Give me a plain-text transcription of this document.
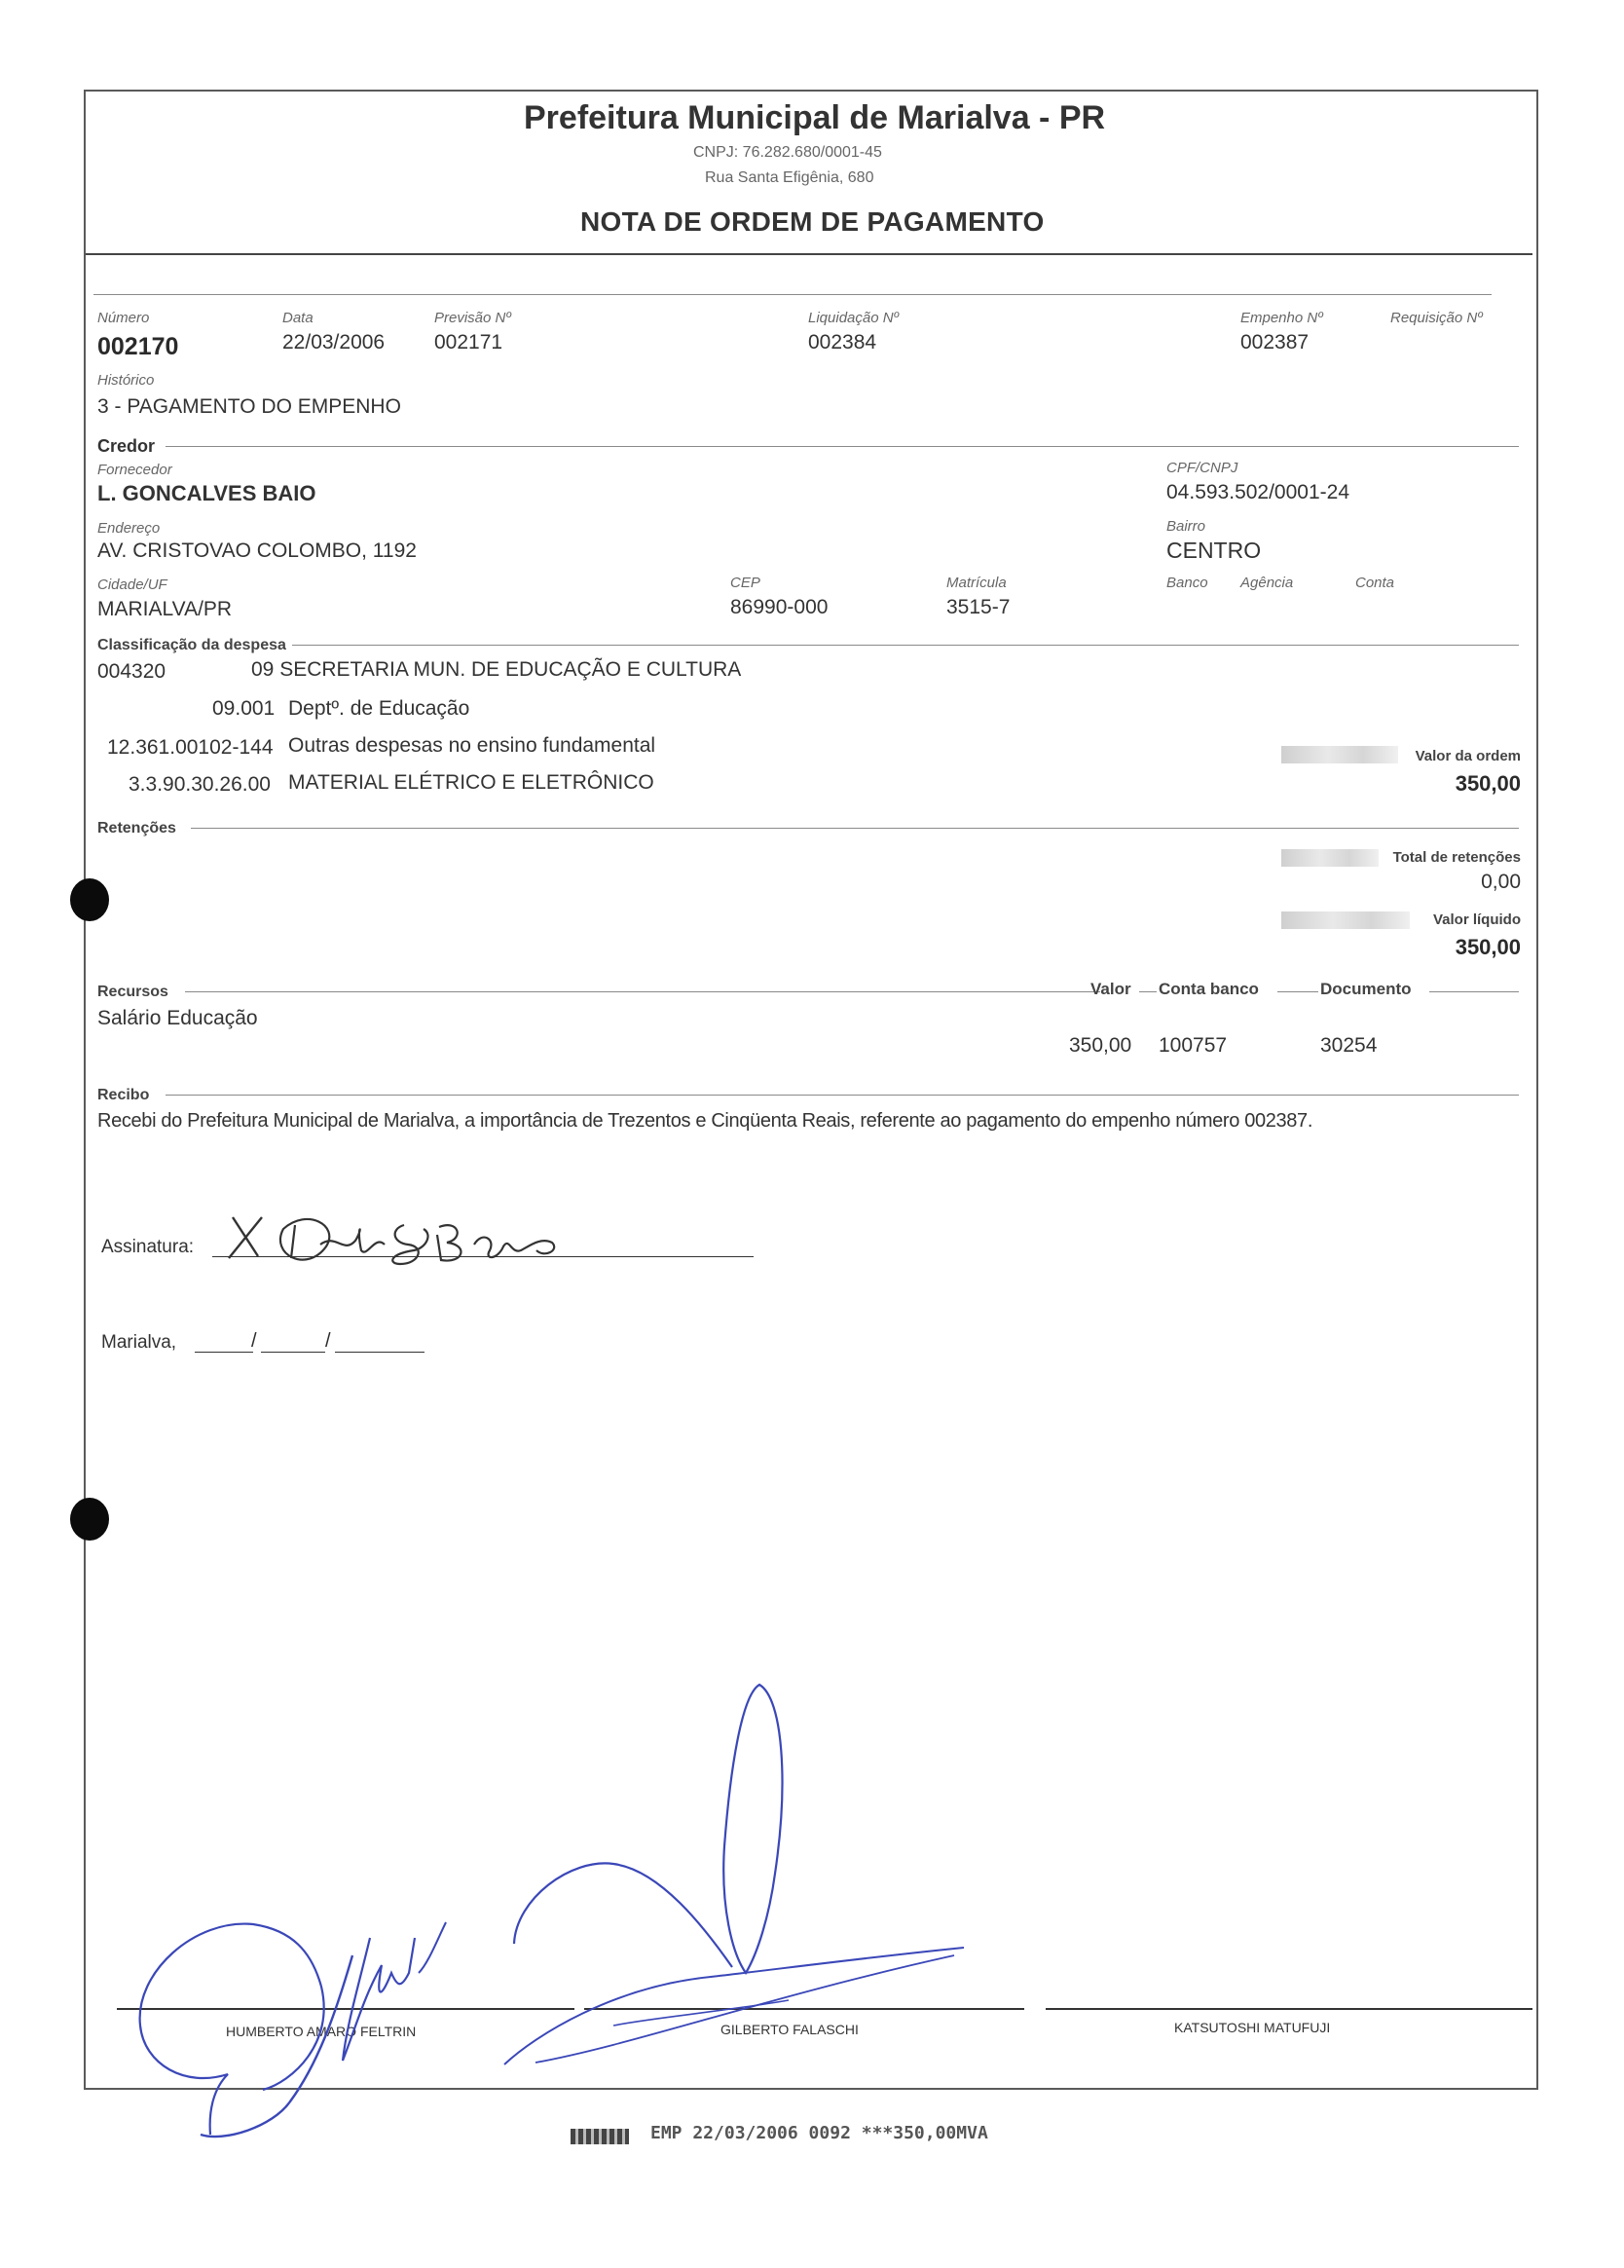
Prefeitura Municipal de Marialva - PR
CNPJ: 76.282.680/0001-45
Rua Santa Efigênia, 680
NOTA DE ORDEM DE PAGAMENTO
Número
002170
Data
22/03/2006
Previsão Nº
002171
Liquidação Nº
002384
Empenho Nº
002387
Requisição Nº
Histórico
3 - PAGAMENTO DO EMPENHO
Credor
Fornecedor
L. GONCALVES BAIO
CPF/CNPJ
04.593.502/0001-24
Endereço
AV. CRISTOVAO COLOMBO, 1192
Bairro
CENTRO
Cidade/UF
MARIALVA/PR
CEP
86990-000
Matrícula
3515-7
Banco Agência	Conta
Classificação da despesa
004320	09 SECRETARIA MUN. DE EDUCAÇÃO E CULTURA
09.001 Deptº. de Educação
12.361.00102-144 Outras despesas no ensino fundamental
3.3.90.30.26.00 MATERIAL ELÉTRICO E ELETRÔNICO
Valor da ordem
350,00
Retenções
Total de retenções
0,00
Valor líquido
350,00
Recursos	Valor Conta banco	Documento
Salário Educação
350,00 100757	30254
Recibo
Recebi do Prefeitura Municipal de Marialva, a importância de Trezentos e Cinqüenta Reais, referente ao pagamento do empenho número 002387.
Assinatura:
Marialva,	/	/
HUMBERTO AMARO FELTRIN	GILBERTO FALASCHI	KATSUTOSHI MATUFUJI
EMP 22/03/2006 0092 ***350,00MVA
